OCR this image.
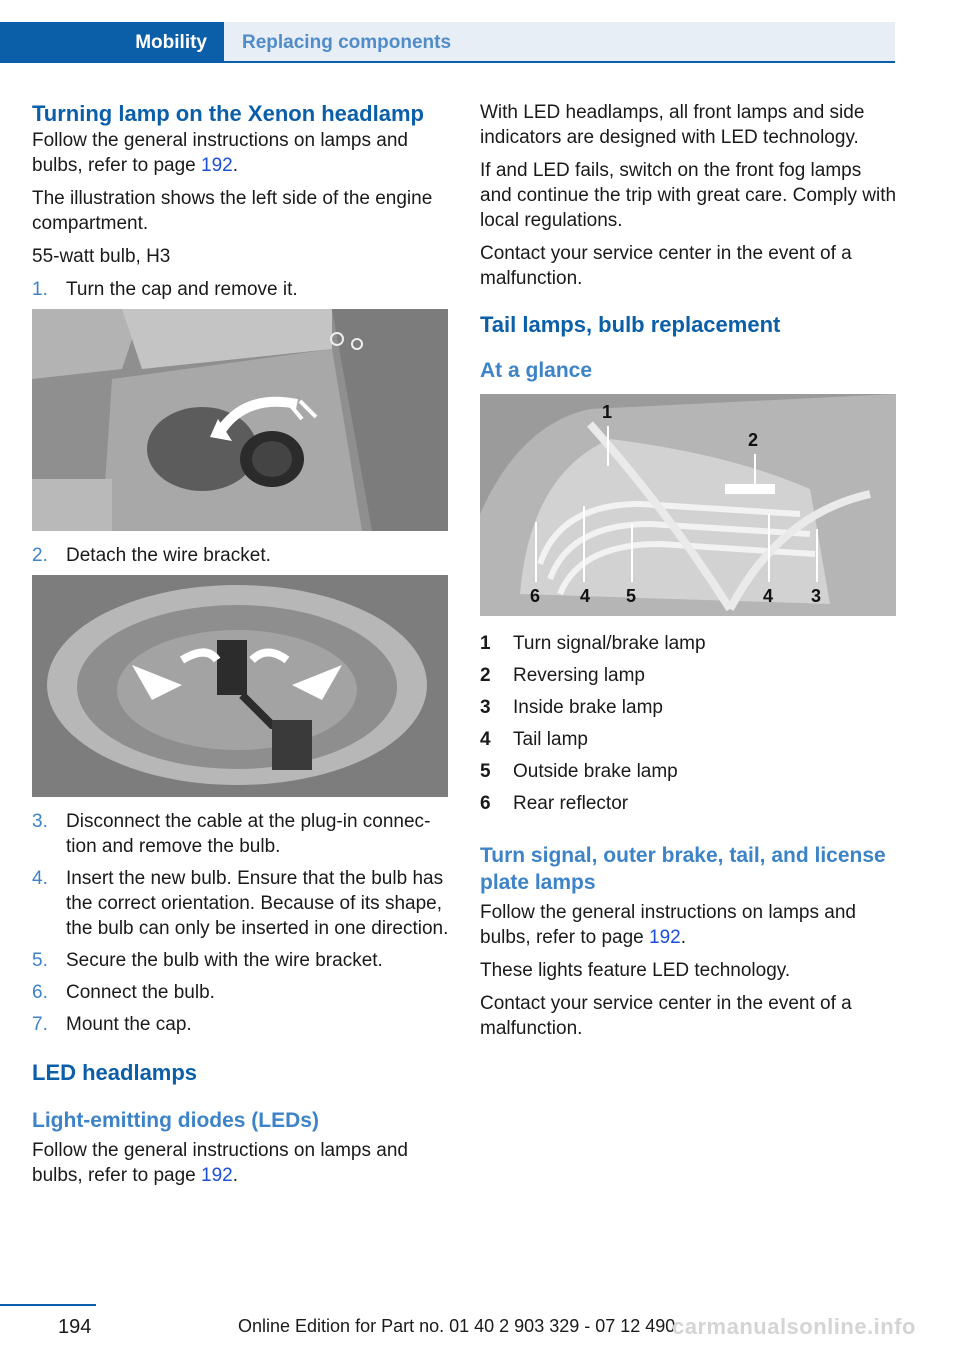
Mobility Replacing components
Turning lamp on the Xenon headlamp

Follow the general instructions on lamps and bulbs, refer to page 192.

The illustration shows the left side of the engine compartment.

55-watt bulb, H3

1. Turn the cap and remove it.
2. Detach the wire bracket.
3. Disconnect the cable at the plug-in connection and remove the bulb.
4. Insert the new bulb. Ensure that the bulb has the correct orientation. Because of its shape, the bulb can only be inserted in one direction.
5. Secure the bulb with the wire bracket.
6. Connect the bulb.
7. Mount the cap.
LED headlamps
Light-emitting diodes (LEDs)

Follow the general instructions on lamps and bulbs, refer to page 192.

With LED headlamps, all front lamps and side indicators are designed with LED technology.

If and LED fails, switch on the front fog lamps and continue the trip with great care. Comply with local regulations.

Contact your service center in the event of a malfunction.

Tail lamps, bulb replacement
At a glance
1
2
6 4 5	4 3
1	Turn signal/brake lamp
2	Reversing lamp
3	Inside brake lamp
4	Tail lamp
5	Outside brake lamp
6	Rear reflector
Turn signal, outer brake, tail, and license plate lamps

Follow the general instructions on lamps and bulbs, refer to page 192.

These lights feature LED technology.

Contact your service center in the event of a malfunction.

194	Online Edition for Part no. 01 40 2 903 329 - 07 12 490
carmanualsonline.info
